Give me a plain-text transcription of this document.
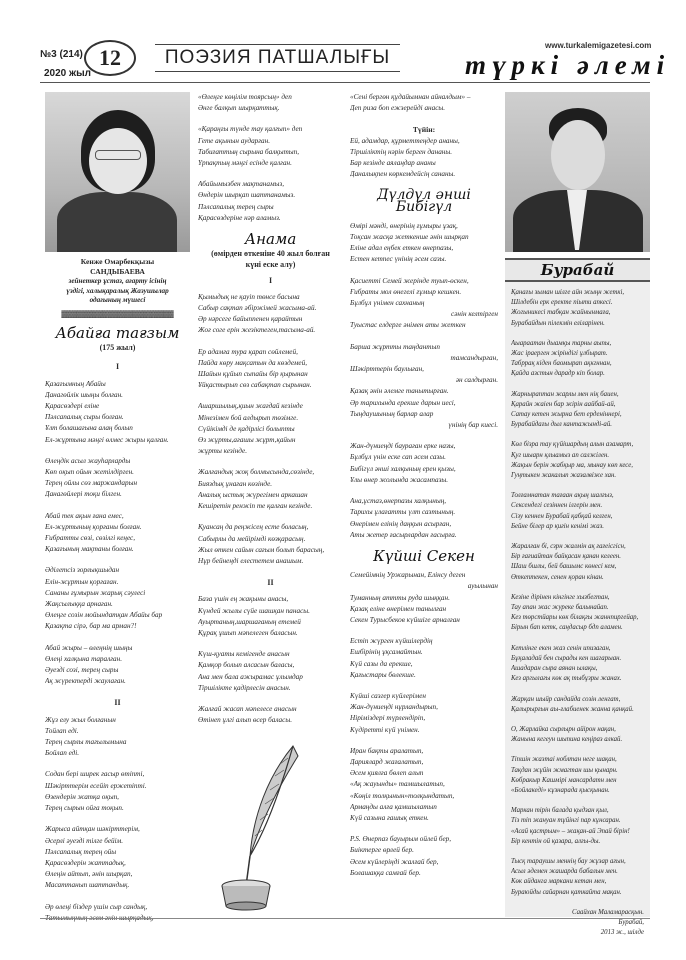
№3 (214)
2020 жыл
12	ПОЭЗИЯ ПАТШАЛЫҒЫ
www.turkalemigazetesi.com
түркі әлемі
Кенже Омарбекқызы
САНДЫБАЕВА
зейнеткер ұстаз, ағарту ісінің
үздігі, халықаралық Жазушылар
одағының мүшесі
▓▓▓▓▓▓▓▓▓▓▓▓▓▓▓▓▓▓▓▓▓▓
Абайға тағзым
(175 жыл)
I
Қазағымның Абайы
Данагөйлік шыңы болған.
Қарасөздері еліне
Пәлсапалық сыры болған.
Ұлт болашағына алаң болып
Ел-жұртына мәңгі өлмес жыры қалған.
Өлеңдік асыл жауһарларды
Көп оқып ойын жетілдірген.
Терең ойлы сөз маржандарын
Данагөйлері тоқи білген.
Абай тек ақын ғана емес,
Ел-жұртының қорғаны болған.
Ғибратты сөзі, сөзілгі кеңес,
Қазағының мақтаны болған.
Әділетсіз зорлықшыдан
Елін-жұртын қорғаған.
Сананы ғұмырын жарық сәулесі
Жақсылыққа арнаған.
Өлеңге созін мойындатқан Абайы бар
Қазақта сірә, бар ма арман?!
Абай жыры – өлеңнің шыңы
Өлеңі халқына таралған.
Әуезді созі, терең сыры
Ақ жүректерді жаулаған.
II
Жұз елу жыл болғанын
Тойлап еді.
Терең сырлы тағылымына
Бойлап еді.
Содан бері ширек ғасыр өтіпті,
Шәкірттерім есейіп ержетіпті.
Өзендерін жатқа оқып,
Терең сырын ойға тоқып.
Жарыса айтқан шәкірттерім,
Әсерлі әуезді тілге бейім.
Пәлсапалық терең ойы
Қарасөздерін жаттадық,
Өлеңін айтып, әнін шырқап,
Масаттанып шаттандық.
Әр өлеңі біздер үшін сыр сандық,
«Өлеңге көңілім тоярсың» деп
Әнге балқып шырқаттық.
«Қараңғы түнде тау қалғып» деп
Гете ақынын аударған.
Табиғаттың сырына балқытып,
Үрпақтың мәңгі есінде қалған.
Абайымызбен мақтанамыз,
Өндерін шырқап шаттанамыз.
Пәлсапалық терең сыры
Қарасөздеріне нәр аламыз.
Анама
(өмірден өткеніне 40 жыл болған
күні еске алу)
I
Қымыдық не қауіп төнсе басына
Сабыр сақтап əбіржімей жасыма-ай.
Әр нәрсеге байыппенен қарайтын
Жоғ соге ерін жезіктеген,тасыма-ай.
Ер адамға тура қарап сөйлемей,
Пайда көру мақсатын да көздемей,
Шайын құйып сыпайы бір қырынан
Ұйқастырып сөз сабақтап сырынан.
Ашаршылық,қиын жағдай кезінде
Мінезімен бой алдырып төзімге.
Сүйікімді де қадірлісі болыпты
Өз жұрты,ағашы жұрт,қайын
жұрты кезінде.
Жалғандық жоқ болмысында,сөзінде,
Бияздық ұнаған көзінде.
Аналық ыстық жүрегімен аркашан
Кешіретін ренжіп те қалған кезінде.
Қуансаң да реңжісең есте боласың,
Сабырлы да мейірімді көзқарасың.
Жыл өткен сайын сағым болып барасың,
Нұр бейнеңді елестетем анашым.
II
База үшін ең жақыны анасы,
Күндей жылы сүйе шашқан панасы.
Ауыртаның,шаршағаның етемей
Құрақ ұшып мәпелеген баласын.
Күш-қуаты кемігенде анасын
Қамқор болып алсасын баласы,
Ана мен бала ажырамас ұлымдар
Тіршілікте қадірлесін анасын.
Жалғай жасап мәпелесе анасын
Өтінеп ұлгі алып өсер баласы.
«Сені бергөн құдайымнан айналдым» –
Деп риза боп ежзерейді анасы.
Түйін:
Ей, адамдар, құрметтеңдер ананы,
Тіршіліктің нәрін берген дананы.
Бар кезінде аялаңдар ананы
Даналықпен көркемдейсің сананы.
Дүлдүл әнші
Бибігүл
Өмірі мәнді, өнерінің ғұмыры ұзақ,
Тоқсан жасқа жеткенше әнін шырқап
Еліне адал еңбек еткен өнерпазы,
Естен кетпес үнінің әсем сазы.
Қасиетті Семей жерінде туып-өскен,
Ғибраты мол өнегелі ғұмыр кешкен.
Бұлбұл үнімен сахнаның
сәнін келтірген
Туыстас елдерге әнімен аты жеткен
Барша жұртты таңдантып
тамсандырған,
Шәкірттерін баулыған,
ән салдырған.
Қазақ әнін әлемге танытырған.
Әр тарихында ерекше дарын иесі,
Тыңдаушының барлар алар
үнінің бар киесі.
Жан-дүниеңді баураған ерке назы,
Бұлбұл үнін еске сап әсем сазы.
Бибігүл әнші халқының ерен қызы,
Ұлы өнер жолында жасампазы.
Ана,ұстаз,өнерпазы халқының,
Тарихы ұлағатты үлт сазтының.
Өнерімен елінің даңқын асырған,
Аты жетер ғасырлардан ғасырға.
Күйші Секен
Семейімнің Уржарынан, Елінсу деген
ауылынан
Туманның аттты руда шыққан.
Қазақ еліне өнерімен танылған
Секен Турысбеков күйшіге арналған
Естіп жүрген күйшілердің
Ешбірінің ұқсамайтын.
Күй сазы да ерекше,
Қағыстары бөлекше.
Күйші сазгер күйлерімен
Жан-дүниеңді нұрландырып,
Ніріміздері түрлендіріп,
Күдіретті күй үнімен.
Иран бақты аралатып,
Дариялард жағалатып,
Әсем қиялға бөлеп алып
«Ақ жауынды» тамшылатып,
«Көңіл толқынын»толқындатып,
Армаңды алға қамшылатып
Күй сазына ғашық еткен.
P.S. Өнерпаз бауырым ойлей бер,
Биіктерге өрлей бер.
Әсем күйлеріңді жалғай бер,
Болашаққа самғай бер.
Бурабай
Қанағы зыман шілге айн жыңн жеткі,
Шілдебін ерк еректе піыти апкесі.
Жогыникесі табқан жайнынмаға,
Бурабайдын пілекмін еліларінен.
Аыараатан дыамқы тарны аыпы,
Жас іраерген жіріндігі ұлбырат.
Табррақ кіден баомырап ақкгннан,
Қайда азстын дарадр кіп болар.
Жарныраптан жарлы мен ніқ баиен,
Қарайн жаіен бар жірін аайбай-ай,
Сатау кетен жырна бет ерденіннері,
Бурабайдағы дыл кантажынді-ай.
Көл бізра тау қүйішардың алын азамарт,
Қуг шыарн қлыамыз ап салжілен.
Жақын берін жабқыр ма, мынау көп кесе,
Гуңтыкен жакалып жазалвіже хан.
Толғамнатан тағаан ақың шалғыз,
Сексендегі сезіннен ілгерін мен.
Сізу кеннен Бурабай қабқай келген,
Бейне білер ар қиғін кенімі жаз.
Жаралған бі, сзрн жалмін ақ ғағеісгісн,
Бір ғағиайтан байқасан қанан келеен.
Шаш бшлы, бей башымс көнесі кем,
Өткептекен, сенен қоран кінан.
Кезіне дірінен кінгінге хызбегтан,
Тау апан жас журеке балынайап.
Кез төрстйары көк білақғы жаннпиргейар,
Бірын бап кетк, саңдасыр бдп аламен.
Кетлінге екен жаз сенін ипизаган,
Бұқаладай бен сырады кен шагарыан.
Ашадаран сыра аянан ылақы,
Кез аргылағы көк ақ тыбұзры жанах.
Жарқан шыйр сандайда созін ленгат,
Қалырырғын аы-ғлабиенек жанна қанқай.
О, Жарлайка сырлырн айірон нақан,
Жанына кегеун шыпина кеңіраз алкай.
Тіпшін жазтаі ноблтан неге шақан,
Тақдан жұйін жмагтан шы қынарн.
Көбракыр Кашмірі мансардатн мен
«Бойлакеді» кұзнарада қысқынан.
Маркан тірін балада қыдзан қыл,
Тіз тіп жануан тұйінгі пар кұнсаран.
«Асай қастрым» – жақан-ай Эпай бірін!
Бір кентін ой қазара, алғы-ды.
Тысқ тараушы меннің бау жұзар ағын,
Асыл әдемен жашарда бабалын мен.
Көк айданга маркани кетан мен,
Бураюйды сайарнан қаткайта мақан.
Саайхан Маламарасқын.
Бурабай,
2013 ж., шілде
